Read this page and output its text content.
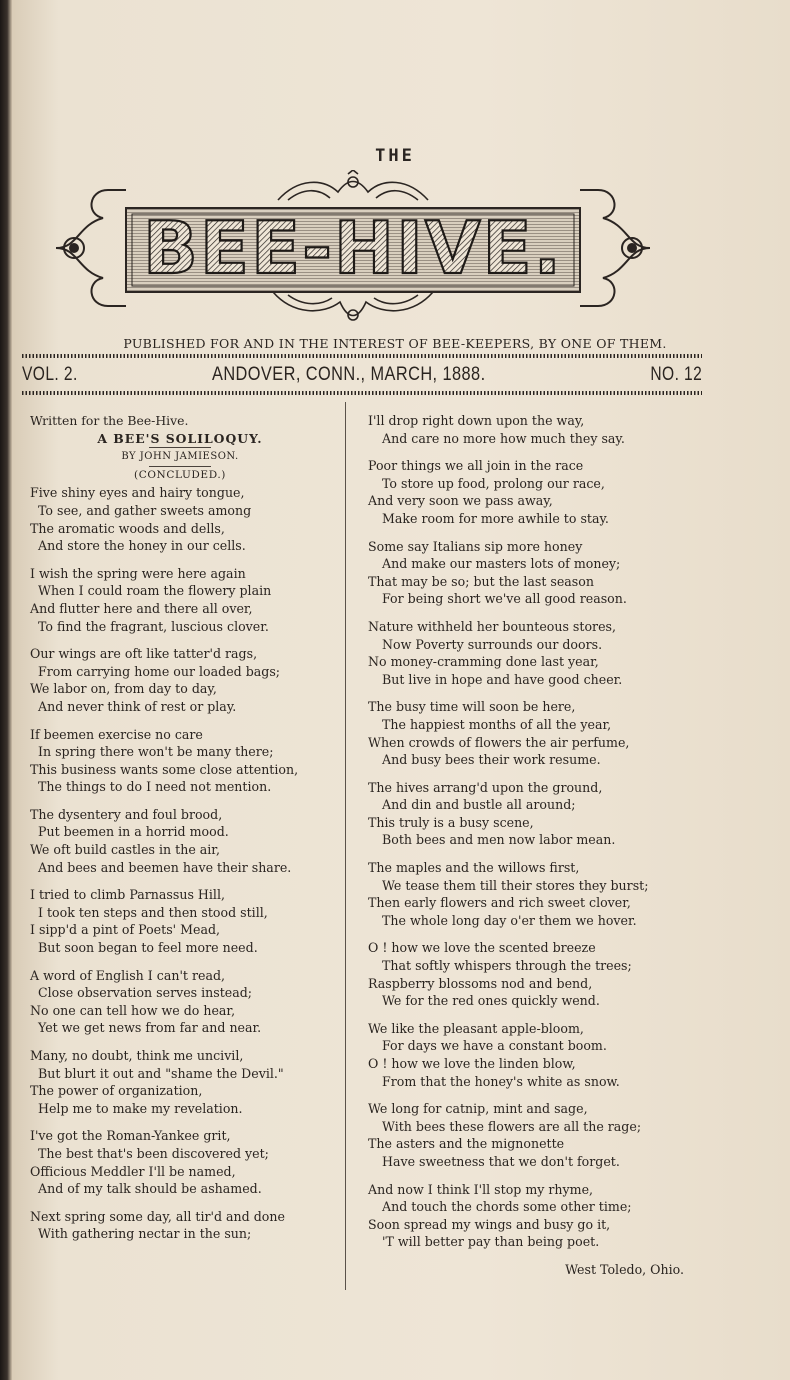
THE
BEE-HIVE.
PUBLISHED FOR AND IN THE INTEREST OF BEE-KEEPERS, BY ONE OF THEM.
VOL. 2.	ANDOVER, CONN., MARCH, 1888.	NO. 12

Written for the Bee-Hive.

A BEE'S SOLILOQUY.

BY JOHN JAMIESON.

(CONCLUDED.)

Five shiny eyes and hairy tongue,

To see, and gather sweets among

The aromatic woods and dells,

And store the honey in our cells.

I wish the spring were here again

When I could roam the flowery plain

And flutter here and there all over,

To find the fragrant, luscious clover.

Our wings are oft like tatter'd rags,

From carrying home our loaded bags;

We labor on, from day to day,

And never think of rest or play.

If beemen exercise no care

In spring there won't be many there;

This business wants some close attention,

The things to do I need not mention.

The dysentery and foul brood,

Put beemen in a horrid mood.

We oft build castles in the air,

And bees and beemen have their share.

I tried to climb Parnassus Hill,

I took ten steps and then stood still,

I sipp'd a pint of Poets' Mead,

But soon began to feel more need.

A word of English I can't read,

Close observation serves instead;

No one can tell how we do hear,

Yet we get news from far and near.

Many, no doubt, think me uncivil,

But blurt it out and "shame the Devil."

The power of organization,

Help me to make my revelation.

I've got the Roman-Yankee grit,

The best that's been discovered yet;

Officious Meddler I'll be named,

And of my talk should be ashamed.

Next spring some day, all tir'd and done

With gathering nectar in the sun;

I'll drop right down upon the way,

And care no more how much they say.

Poor things we all join in the race

To store up food, prolong our race,

And very soon we pass away,

Make room for more awhile to stay.

Some say Italians sip more honey

And make our masters lots of money;

That may be so; but the last season

For being short we've all good reason.

Nature withheld her bounteous stores,

Now Poverty surrounds our doors.

No money-cramming done last year,

But live in hope and have good cheer.

The busy time will soon be here,

The happiest months of all the year,

When crowds of flowers the air perfume,

And busy bees their work resume.

The hives arrang'd upon the ground,

And din and bustle all around;

This truly is a busy scene,

Both bees and men now labor mean.

The maples and the willows first,

We tease them till their stores they burst;

Then early flowers and rich sweet clover,

The whole long day o'er them we hover.

O ! how we love the scented breeze

That softly whispers through the trees;

Raspberry blossoms nod and bend,

We for the red ones quickly wend.

We like the pleasant apple-bloom,

For days we have a constant boom.

O ! how we love the linden blow,

From that the honey's white as snow.

We long for catnip, mint and sage,

With bees these flowers are all the rage;

The asters and the mignonette

Have sweetness that we don't forget.

And now I think I'll stop my rhyme,

And touch the chords some other time;

Soon spread my wings and busy go it,

'T will better pay than being poet.

West Toledo, Ohio.
